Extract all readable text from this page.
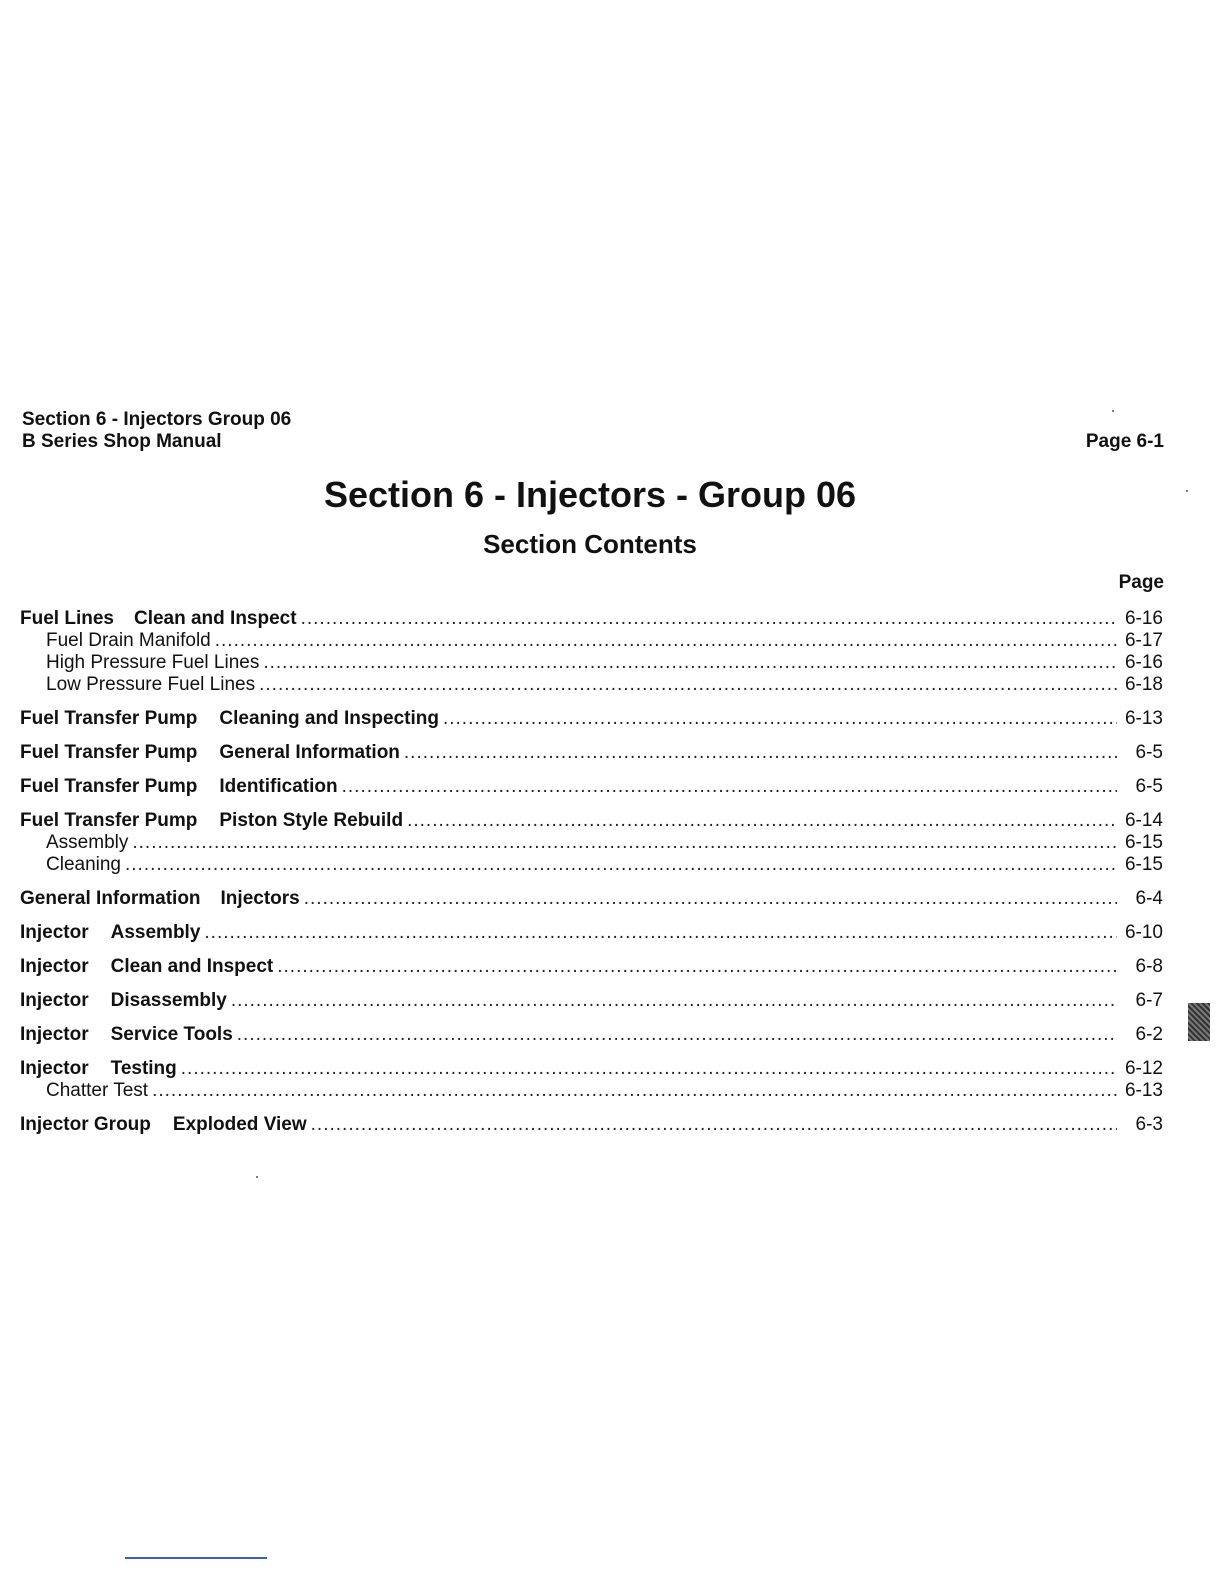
Section 6 - Injectors Group 06
B Series Shop Manual	Page 6-1
Section 6 - Injectors - Group 06
Section Contents
Page
Fuel Lines Clean and Inspect .....	6-16
Fuel Drain Manifold .....	6-17
High Pressure Fuel Lines .....	6-16
Low Pressure Fuel Lines .....	6-18
Fuel Transfer Pump Cleaning and Inspecting .....	6-13
Fuel Transfer Pump General Information .....	6-5
Fuel Transfer Pump Identification .....	6-5
Fuel Transfer Pump Piston Style Rebuild .....	6-14
Assembly .....	6-15
Cleaning .....	6-15
General Information Injectors .....	6-4
Injector Assembly .....	6-10
Injector Clean and Inspect .....	6-8
Injector Disassembly .....	6-7
Injector Service Tools .....	6-2
Injector Testing .....	6-12
Chatter Test .....	6-13
Injector Group Exploded View .....	6-3
